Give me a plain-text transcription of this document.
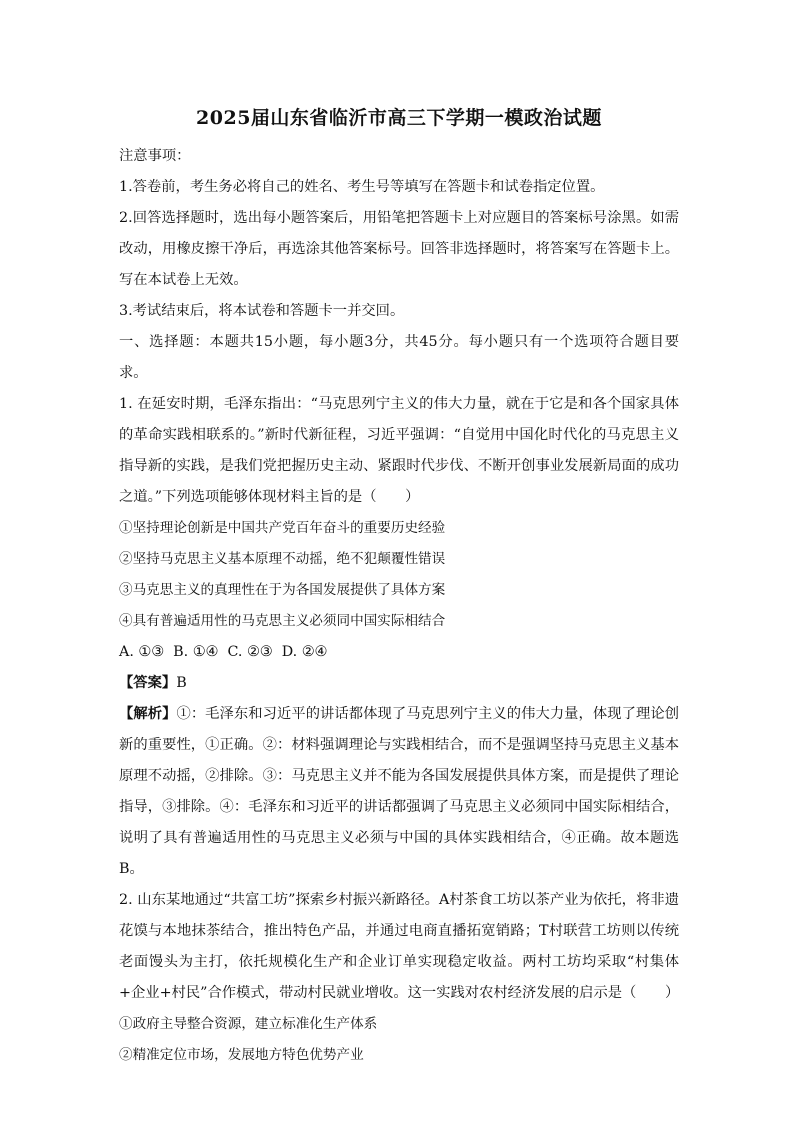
2025届山东省临沂市高三下学期一模政治试题

注意事项：

1.答卷前，考生务必将自己的姓名、考生号等填写在答题卡和试卷指定位置。

2.回答选择题时，选出每小题答案后，用铅笔把答题卡上对应题目的答案标号涂黑。如需改动，用橡皮擦干净后，再选涂其他答案标号。回答非选择题时，将答案写在答题卡上。写在本试卷上无效。

3.考试结束后，将本试卷和答题卡一并交回。

一、选择题：本题共15小题，每小题3分，共45分。每小题只有一个选项符合题目要求。

1. 在延安时期，毛泽东指出：“马克思列宁主义的伟大力量，就在于它是和各个国家具体的革命实践相联系的。”新时代新征程，习近平强调：“自觉用中国化时代化的马克思主义指导新的实践，是我们党把握历史主动、紧跟时代步伐、不断开创事业发展新局面的成功之道。”下列选项能够体现材料主旨的是（　　）

①坚持理论创新是中国共产党百年奋斗的重要历史经验

②坚持马克思主义基本原理不动摇，绝不犯颠覆性错误

③马克思主义的真理性在于为各国发展提供了具体方案

④具有普遍适用性的马克思主义必须同中国实际相结合

A. ①③  B. ①④  C. ②③  D. ②④

【答案】B

【解析】①：毛泽东和习近平的讲话都体现了马克思列宁主义的伟大力量，体现了理论创新的重要性，①正确。②：材料强调理论与实践相结合，而不是强调坚持马克思主义基本原理不动摇，②排除。③：马克思主义并不能为各国发展提供具体方案，而是提供了理论指导，③排除。④：毛泽东和习近平的讲话都强调了马克思主义必须同中国实际相结合，说明了具有普遍适用性的马克思主义必须与中国的具体实践相结合，④正确。故本题选B。

2. 山东某地通过“共富工坊”探索乡村振兴新路径。A村茶食工坊以茶产业为依托，将非遗花馍与本地抹茶结合，推出特色产品，并通过电商直播拓宽销路；T村联营工坊则以传统老面馒头为主打，依托规模化生产和企业订单实现稳定收益。两村工坊均采取“村集体+企业+村民”合作模式，带动村民就业增收。这一实践对农村经济发展的启示是（　　）

①政府主导整合资源，建立标准化生产体系

②精准定位市场，发展地方特色优势产业
